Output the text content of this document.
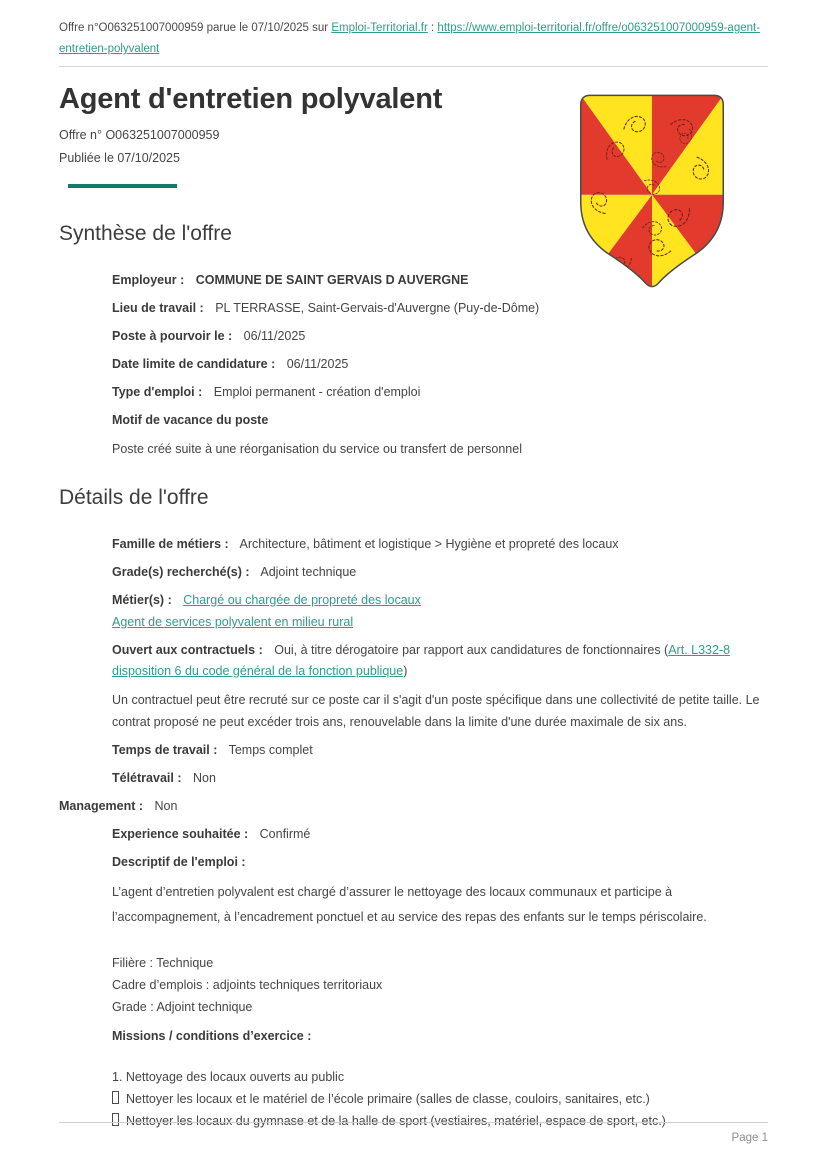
Offre n°O063251007000959 parue le 07/10/2025 sur Emploi-Territorial.fr : https://www.emploi-territorial.fr/offre/o063251007000959-agent-entretien-polyvalent
Agent d'entretien polyvalent
Offre n° O063251007000959
Publiée le 07/10/2025
Synthèse de l'offre
Employeur : COMMUNE DE SAINT GERVAIS D AUVERGNE
Lieu de travail : PL TERRASSE, Saint-Gervais-d'Auvergne (Puy-de-Dôme)
Poste à pourvoir le : 06/11/2025
Date limite de candidature : 06/11/2025
Type d'emploi : Emploi permanent - création d'emploi
Motif de vacance du poste
Poste créé suite à une réorganisation du service ou transfert de personnel
Détails de l'offre
Famille de métiers : Architecture, bâtiment et logistique > Hygiène et propreté des locaux
Grade(s) recherché(s) : Adjoint technique
Métier(s) : Chargé ou chargée de propreté des locaux
Agent de services polyvalent en milieu rural
Ouvert aux contractuels : Oui, à titre dérogatoire par rapport aux candidatures de fonctionnaires (Art. L332-8 disposition 6 du code général de la fonction publique)
Un contractuel peut être recruté sur ce poste car il s'agit d'un poste spécifique dans une collectivité de petite taille. Le contrat proposé ne peut excéder trois ans, renouvelable dans la limite d'une durée maximale de six ans.
Temps de travail : Temps complet
Télétravail : Non
Management : Non
Experience souhaitée : Confirmé
Descriptif de l'emploi :
L’agent d’entretien polyvalent est chargé d’assurer le nettoyage des locaux communaux et participe à l’accompagnement, à l’encadrement ponctuel et au service des repas des enfants sur le temps périscolaire.
Filière : Technique
Cadre d’emplois : adjoints techniques territoriaux
Grade : Adjoint technique
Missions / conditions d’exercice :
1. Nettoyage des locaux ouverts au public
Nettoyer les locaux et le matériel de l’école primaire (salles de classe, couloirs, sanitaires, etc.)
Nettoyer les locaux du gymnase et de la halle de sport (vestiaires, matériel, espace de sport, etc.)
Page 1
